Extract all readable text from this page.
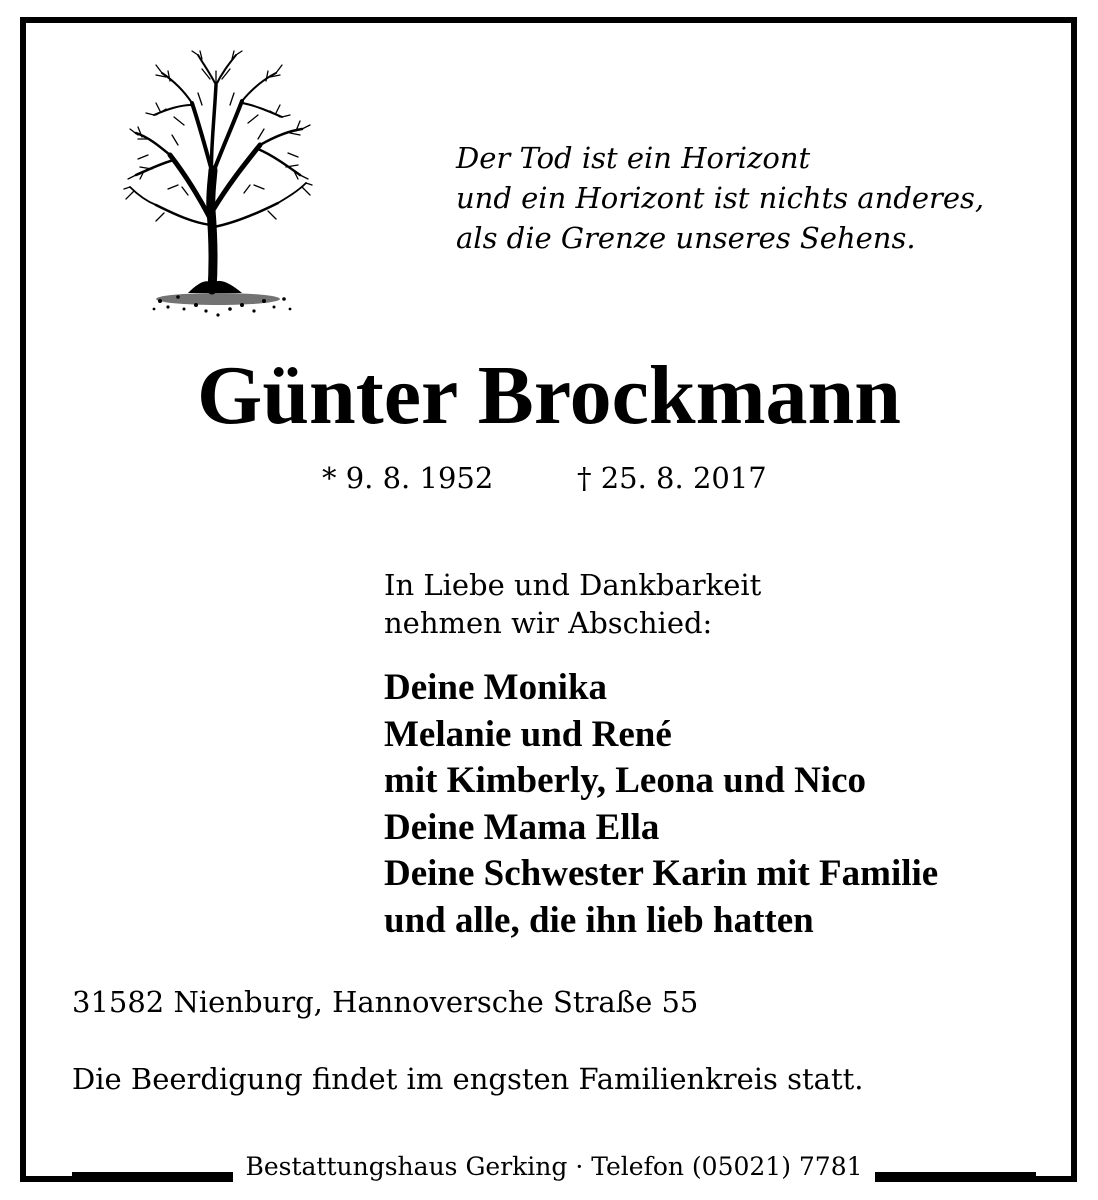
Der Tod ist ein Horizont
und ein Horizont ist nichts anderes,
als die Grenze unseres Sehens.
Günter Brockmann
* 9. 8. 1952	† 25. 8. 2017
In Liebe und Dankbarkeit
nehmen wir Abschied:
Deine Monika
Melanie und René
mit Kimberly, Leona und Nico
Deine Mama Ella
Deine Schwester Karin mit Familie
und alle, die ihn lieb hatten
31582 Nienburg, Hannoversche Straße 55
Die Beerdigung findet im engsten Familienkreis statt.
Bestattungshaus Gerking · Telefon (05021) 7781
